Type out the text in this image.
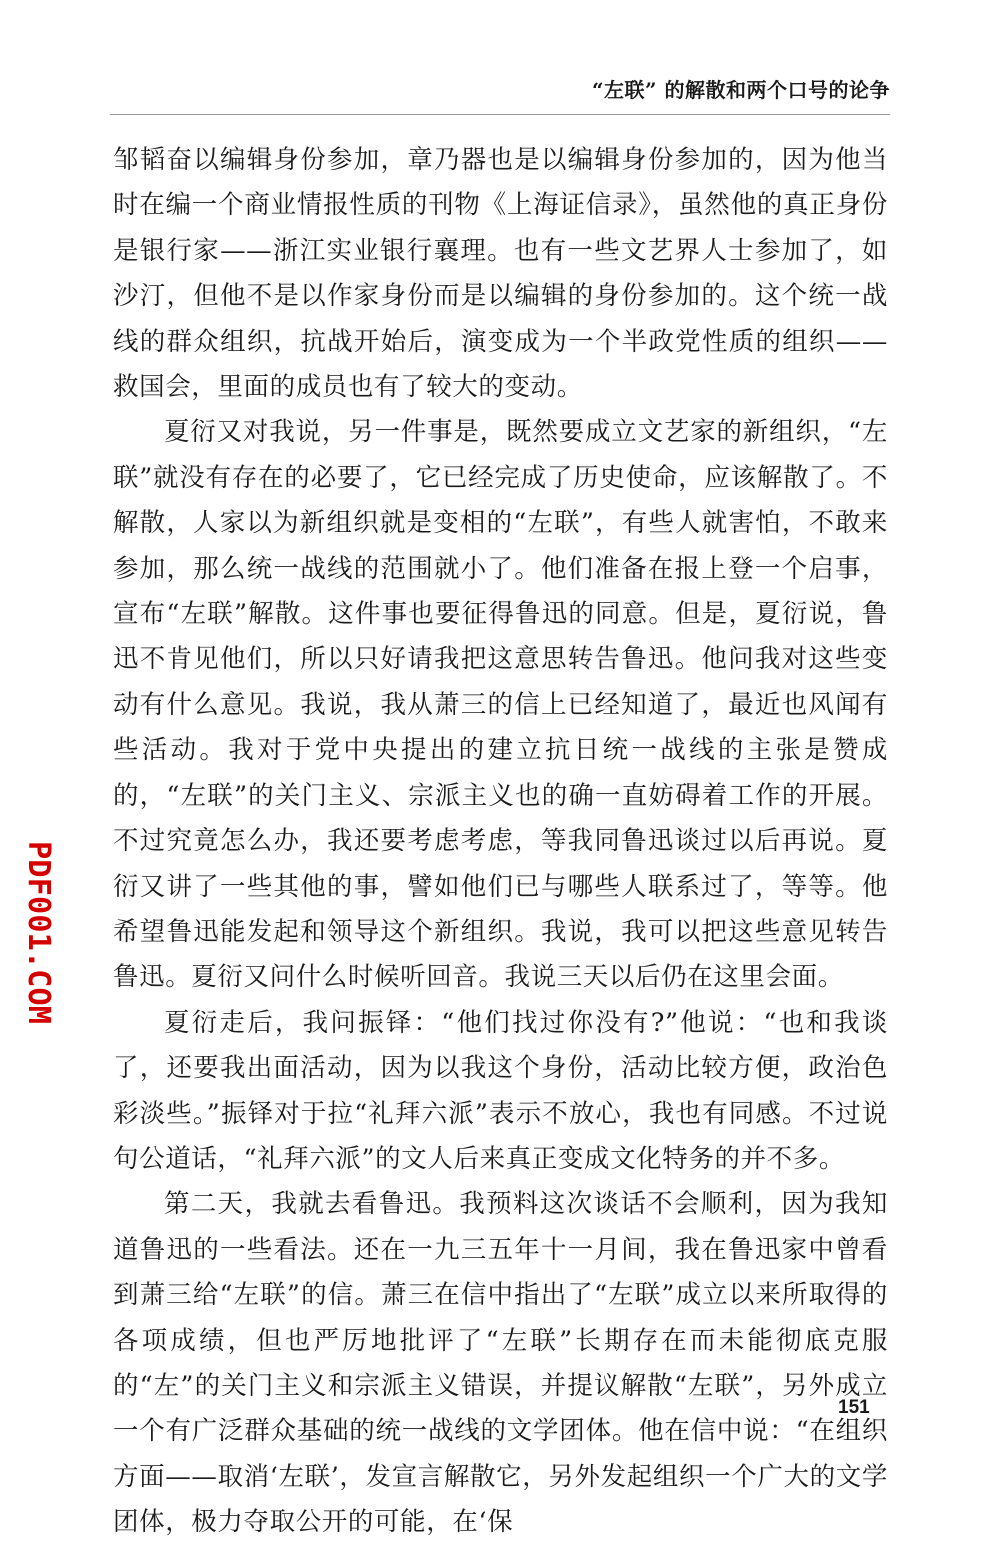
“左联” 的解散和两个口号的论争

邹韬奋以编辑身份参加，章乃器也是以编辑身份参加的，因为他当时在编一个商业情报性质的刊物《上海证信录》，虽然他的真正身份是银行家——浙江实业银行襄理。也有一些文艺界人士参加了，如沙汀，但他不是以作家身份而是以编辑的身份参加的。这个统一战线的群众组织，抗战开始后，演变成为一个半政党性质的组织——救国会，里面的成员也有了较大的变动。

夏衍又对我说，另一件事是，既然要成立文艺家的新组织，“左联”就没有存在的必要了，它已经完成了历史使命，应该解散了。不解散，人家以为新组织就是变相的“左联”，有些人就害怕，不敢来参加，那么统一战线的范围就小了。他们准备在报上登一个启事，宣布“左联”解散。这件事也要征得鲁迅的同意。但是，夏衍说，鲁迅不肯见他们，所以只好请我把这意思转告鲁迅。他问我对这些变动有什么意见。我说，我从萧三的信上已经知道了，最近也风闻有些活动。我对于党中央提出的建立抗日统一战线的主张是赞成的，“左联”的关门主义、宗派主义也的确一直妨碍着工作的开展。不过究竟怎么办，我还要考虑考虑，等我同鲁迅谈过以后再说。夏衍又讲了一些其他的事，譬如他们已与哪些人联系过了，等等。他希望鲁迅能发起和领导这个新组织。我说，我可以把这些意见转告鲁迅。夏衍又问什么时候听回音。我说三天以后仍在这里会面。

夏衍走后，我问振铎：“他们找过你没有?”他说：“也和我谈了，还要我出面活动，因为以我这个身份，活动比较方便，政治色彩淡些。”振铎对于拉“礼拜六派”表示不放心，我也有同感。不过说句公道话，“礼拜六派”的文人后来真正变成文化特务的并不多。

第二天，我就去看鲁迅。我预料这次谈话不会顺利，因为我知道鲁迅的一些看法。还在一九三五年十一月间，我在鲁迅家中曾看到萧三给“左联”的信。萧三在信中指出了“左联”成立以来所取得的各项成绩，但也严厉地批评了“左联”长期存在而未能彻底克服的“左”的关门主义和宗派主义错误，并提议解散“左联”，另外成立一个有广泛群众基础的统一战线的文学团体。他在信中说：“在组织方面——取消‘左联’，发宣言解散它，另外发起组织一个广大的文学团体，极力夺取公开的可能，在‘保

151
PDF001.COM
